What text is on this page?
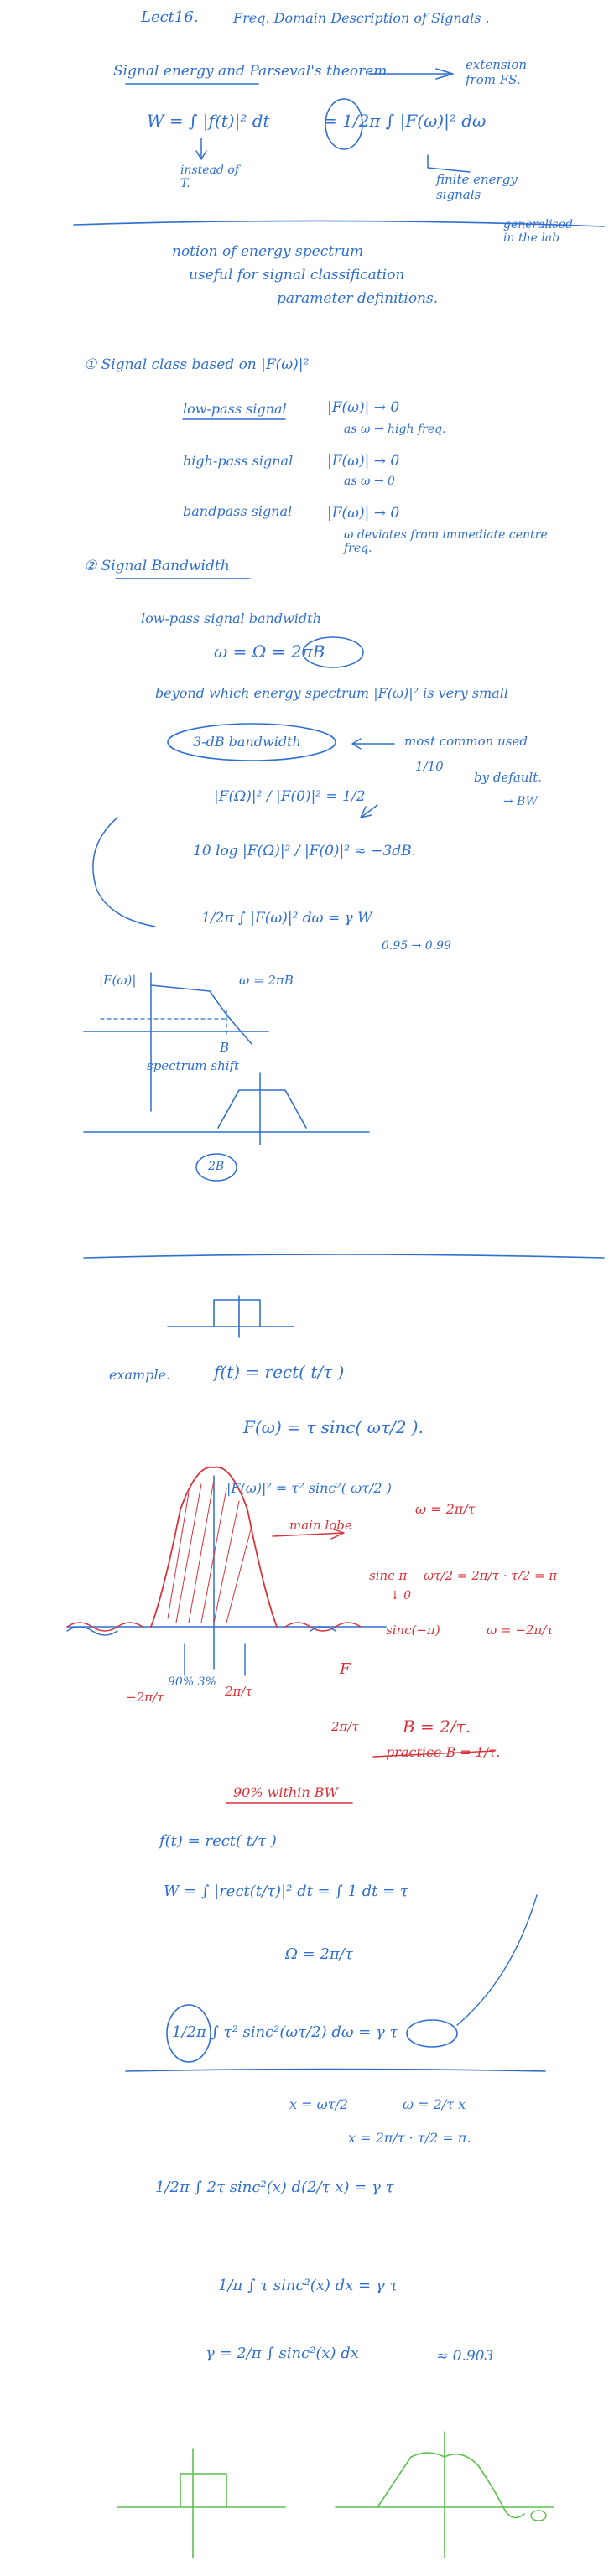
Lect16.	Freq. Domain Description of Signals .
Signal energy and Parseval's theorem	extension from FS.
W = ∫ |f(t)|² dt	= 1/2π ∫ |F(ω)|² dω
instead of T.	finite energy signals
generalised in the lab
notion of energy spectrum
useful for signal classification
parameter definitions.
① Signal class based on |F(ω)|²
low-pass signal	|F(ω)| → 0
as ω → high freq.
high-pass signal |F(ω)| → 0
as ω → 0
bandpass signal |F(ω)| → 0
ω deviates from immediate centre freq.
② Signal Bandwidth
low-pass signal bandwidth
ω = Ω = 2πB
beyond which energy spectrum |F(ω)|² is very small
3-dB bandwidth	most common used
1/10
by default.
→ BW
|F(Ω)|² / |F(0)|² = 1/2
10 log |F(Ω)|² / |F(0)|² ≈ −3dB.
1/2π ∫ |F(ω)|² dω = γ W
0.95 → 0.99
ω = 2πB
|F(ω)|
B
spectrum shift
2B
example.	f(t) = rect( t/τ )
F(ω) = τ sinc( ωτ/2 ).
|F(ω)|² = τ² sinc²( ωτ/2 )
main lobe
ω = 2π/τ
sinc π
↓ 0
ωτ/2 = 2π/τ · τ/2 = π
sinc(−π)	ω = −2π/τ
F
−2π/τ	2π/τ
90% 3%
2π/τ	B = 2/τ.
practice B = 1/τ.
90% within BW
f(t) = rect( t/τ )
W = ∫ |rect(t/τ)|² dt = ∫ 1 dt = τ
Ω = 2π/τ
1/2π ∫ τ² sinc²(ωτ/2) dω = γ τ
x = ωτ/2	ω = 2/τ x
x = 2π/τ · τ/2 = π.
1/2π ∫ 2τ sinc²(x) d(2/τ x) = γ τ
1/π ∫ τ sinc²(x) dx = γ τ
γ = 2/π ∫ sinc²(x) dx	≈ 0.903
